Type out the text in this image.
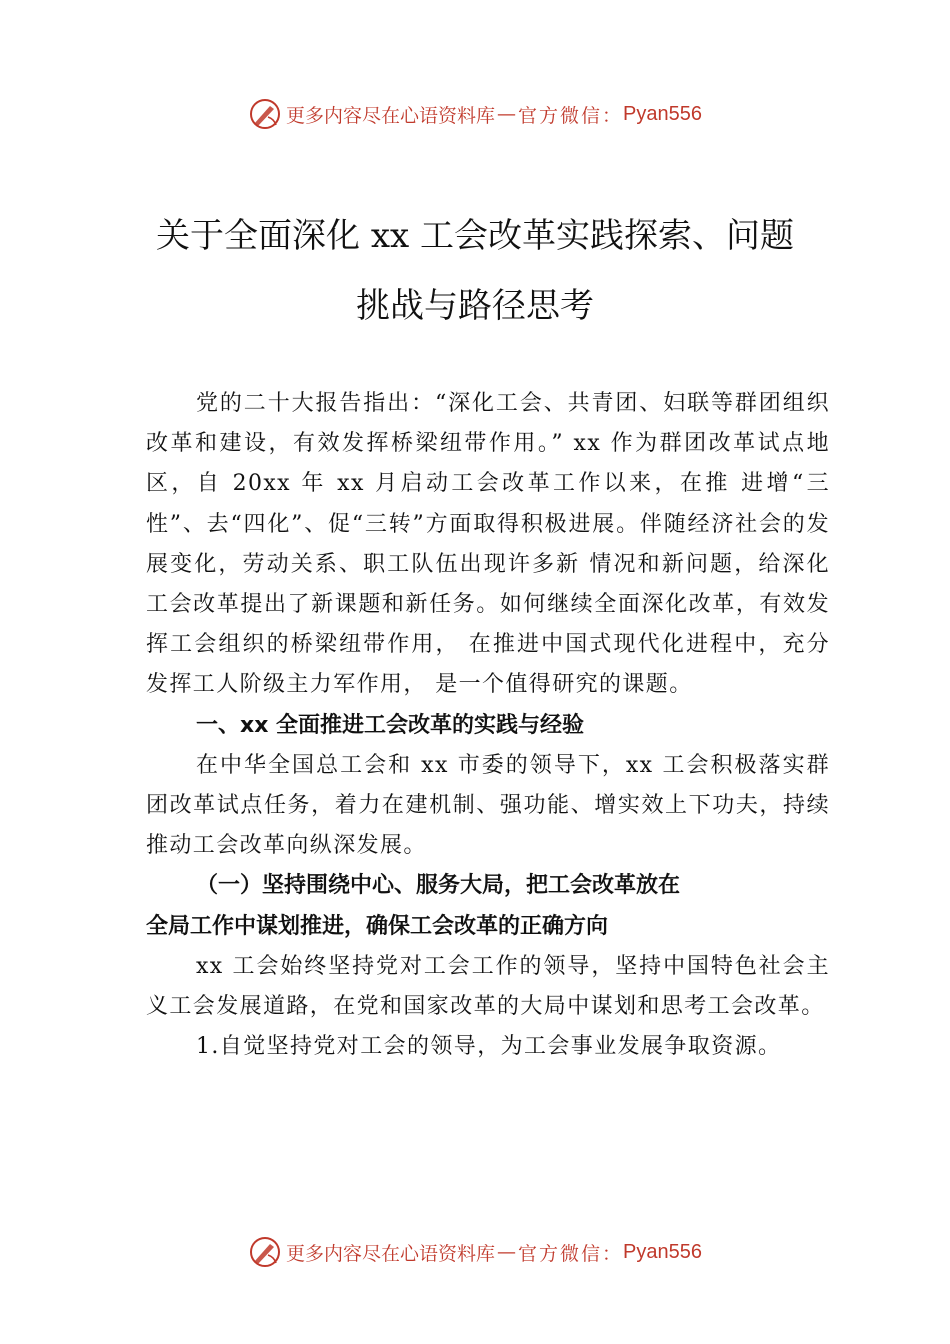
更多内容尽在心语资料库 — 官方微信： Pyan556
关于全面深化 xx 工会改革实践探索、问题
挑战与路径思考

党的二十大报告指出：“深化工会、共青团、妇联等群团组织改革和建设，有效发挥桥梁纽带作用。” xx 作为群团改革试点地区，自 20xx 年 xx 月启动工会改革工作以来，在推 进增“三性”、去“四化”、促“三转”方面取得积极进展。伴随经济社会的发展变化，劳动关系、职工队伍出现许多新 情况和新问题，给深化工会改革提出了新课题和新任务。如何继续全面深化改革，有效发挥工会组织的桥梁纽带作用， 在推进中国式现代化进程中，充分发挥工人阶级主力军作用， 是一个值得研究的课题。

一、xx 全面推进工会改革的实践与经验

在中华全国总工会和 xx 市委的领导下，xx 工会积极落实群团改革试点任务，着力在建机制、强功能、增实效上下功夫，持续推动工会改革向纵深发展。

（一）坚持围绕中心、服务大局，把工会改革放在
全局工作中谋划推进，确保工会改革的正确方向

xx 工会始终坚持党对工会工作的领导，坚持中国特色社会主义工会发展道路，在党和国家改革的大局中谋划和思考工会改革。

1.自觉坚持党对工会的领导，为工会事业发展争取资源。

更多内容尽在心语资料库 — 官方微信： Pyan556
